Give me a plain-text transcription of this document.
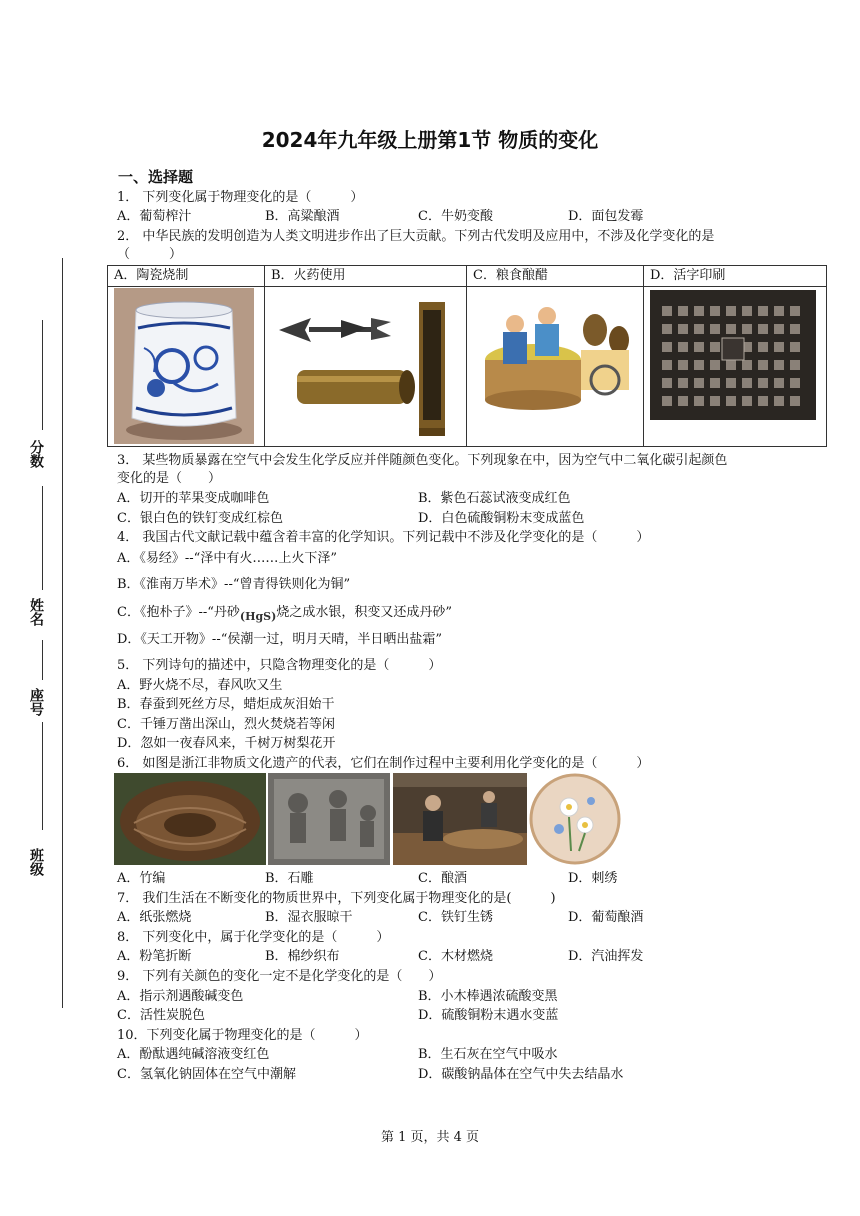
分数
姓名
座号
班级
2024年九年级上册第1节 物质的变化
一、选择题
1． 下列变化属于物理变化的是（　　　）
A．葡萄榨汁	B．高粱酿酒	C．牛奶变酸	D．面包发霉
2． 中华民族的发明创造为人类文明进步作出了巨大贡献。下列古代发明及应用中，不涉及化学变化的是
（　　　）
A．陶瓷烧制	B．火药使用	C．粮食酿醋	D．活字印刷
3． 某些物质暴露在空气中会发生化学反应并伴随颜色变化。下列现象在中，因为空气中二氧化碳引起颜色
变化的是（　　）
A．切开的苹果变成咖啡色	B．紫色石蕊试液变成红色
C．银白色的铁钉变成红棕色	D．白色硫酸铜粉末变成蓝色
4． 我国古代文献记载中蕴含着丰富的化学知识。下列记载中不涉及化学变化的是（　　　）
A．《易经》--“泽中有火……上火下泽”
B．《淮南万毕术》--“曾青得铁则化为铜”
C．《抱朴子》--“丹砂$_{(HgS)}$烧之成水银，积变又还成丹砂”
D．《天工开物》--“侯潮一过，明月天晴，半日晒出盐霜”
5． 下列诗句的描述中，只隐含物理变化的是（　　　）
A．野火烧不尽，春风吹又生
B．春蚕到死丝方尽，蜡炬成灰泪始干
C．千锤万凿出深山，烈火焚烧若等闲
D．忽如一夜春风来，千树万树梨花开
6． 如图是浙江非物质文化遗产的代表，它们在制作过程中主要利用化学变化的是（　　　）
A．竹编	B．石雕	C．酿酒	D．刺绣
7． 我们生活在不断变化的物质世界中，下列变化属于物理变化的是(　　　)
A．纸张燃烧	B．湿衣服晾干	C．铁钉生锈	D．葡萄酿酒
8． 下列变化中，属于化学变化的是（　　　）
A．粉笔折断	B．棉纱织布	C．木材燃烧	D．汽油挥发
9． 下列有关颜色的变化一定不是化学变化的是（　　）
A．指示剂遇酸碱变色	B．小木棒遇浓硫酸变黑
C．活性炭脱色	D．硫酸铜粉末遇水变蓝
10．下列变化属于物理变化的是（　　　）
A．酚酞遇纯碱溶液变红色	B．生石灰在空气中吸水
C．氢氧化钠固体在空气中潮解	D．碳酸钠晶体在空气中失去结晶水
第 1 页，共 4 页
